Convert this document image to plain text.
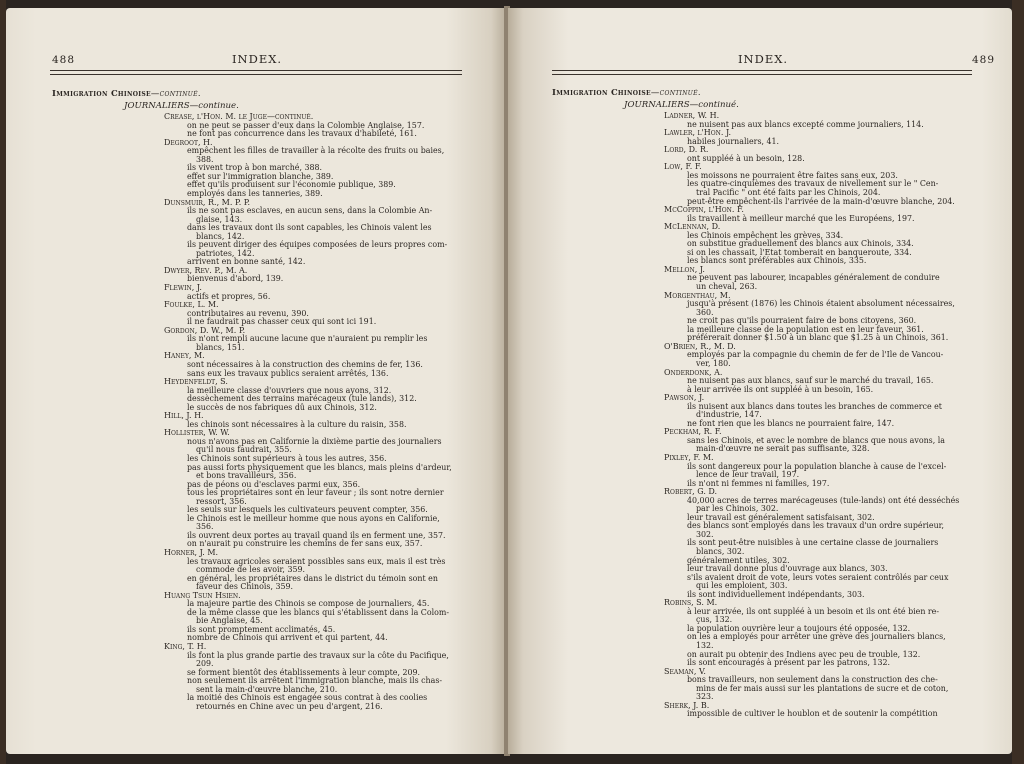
488	INDEX.
Immigration Chinoise—continué.
JOURNALIERS—continue.
Crease, l'Hon. M. le Juge—continué.
on ne peut se passer d'eux dans la Colombie Anglaise, 157.
ne font pas concurrence dans les travaux d'habileté, 161.
Degroot, H.
empêchent les filles de travailler à la récolte des fruits ou baies,
388.
ils vivent trop à bon marché, 388.
effet sur l'immigration blanche, 389.
effet qu'ils produisent sur l'économie publique, 389.
employés dans les tanneries, 389.
Dunsmuir, R., M. P. P.
ils ne sont pas esclaves, en aucun sens, dans la Colombie An-
glaise, 143.
dans les travaux dont ils sont capables, les Chinois valent les
blancs, 142.
ils peuvent diriger des équipes composées de leurs propres com-
patriotes, 142.
arrivent en bonne santé, 142.
Dwyer, Rev. P., M. A.
bienvenus d'abord, 139.
Flewin, J.
actifs et propres, 56.
Foulke, L. M.
contributaires au revenu, 390.
il ne faudrait pas chasser ceux qui sont ici 191.
Gordon, D. W., M. P.
ils n'ont rempli aucune lacune que n'auraient pu remplir les
blancs, 151.
Haney, M.
sont nécessaires à la construction des chemins de fer, 136.
sans eux les travaux publics seraient arrêtés, 136.
Heydenfeldt, S.
la meilleure classe d'ouvriers que nous ayons, 312.
dessèchement des terrains marécageux (tule lands), 312.
le succès de nos fabriques dû aux Chinois, 312.
Hill, J. H.
les chinois sont nécessaires à la culture du raisin, 358.
Hollister, W. W.
nous n'avons pas en Californie la dixième partie des journaliers
qu'il nous faudrait, 355.
les Chinois sont supérieurs à tous les autres, 356.
pas aussi forts physiquement que les blancs, mais pleins d'ardeur,
et bons travailleurs, 356.
pas de péons ou d'esclaves parmi eux, 356.
tous les propriétaires sont en leur faveur ; ils sont notre dernier
ressort, 356.
les seuls sur lesquels les cultivateurs peuvent compter, 356.
le Chinois est le meilleur homme que nous ayons en Californie,
356.
ils ouvrent deux portes au travail quand ils en ferment une, 357.
on n'aurait pu construire les chemins de fer sans eux, 357.
Horner, J. M.
les travaux agricoles seraient possibles sans eux, mais il est très
commode de les avoir, 359.
en général, les propriétaires dans le district du témoin sont en
faveur des Chinois, 359.
Huang Tsun Hsien.
la majeure partie des Chinois se compose de journaliers, 45.
de la même classe que les blancs qui s'établissent dans la Colom-
bie Anglaise, 45.
ils sont promptement acclimatés, 45.
nombre de Chinois qui arrivent et qui partent, 44.
King, T. H.
ils font la plus grande partie des travaux sur la côte du Pacifique,
209.
se forment bientôt des établissements à leur compte, 209.
non seulement ils arrêtent l'immigration blanche, mais ils chas-
sent la main-d'œuvre blanche, 210.
la moitié des Chinois est engagée sous contrat à des coolies
retournés en Chine avec un peu d'argent, 216.
INDEX.	489
Immigration Chinoise—continué.
JOURNALIERS—continué.
Ladner, W. H.
ne nuisent pas aux blancs excepté comme journaliers, 114.
Lawler, l'Hon. J.
habiles journaliers, 41.
Lord, D. R.
ont suppléé à un besoin, 128.
Low, F. F.
les moissons ne pourraient être faites sans eux, 203.
les quatre-cinquièmes des travaux de nivellement sur le " Cen-
tral Pacific " ont été faits par les Chinois, 204.
peut-être empêchent-ils l'arrivée de la main-d'œuvre blanche, 204.
McCoppin, l'Hon. F.
ils travaillent à meilleur marché que les Européens, 197.
McLennan, D.
les Chinois empêchent les grèves, 334.
on substitue graduellement des blancs aux Chinois, 334.
si on les chassait, l'Etat tomberait en banqueroute, 334.
les blancs sont préférables aux Chinois, 335.
Mellon, J.
ne peuvent pas labourer, incapables généralement de conduire
un cheval, 263.
Morgenthau, M.
jusqu'à présent (1876) les Chinois étaient absolument nécessaires,
360.
ne croit pas qu'ils pourraient faire de bons citoyens, 360.
la meilleure classe de la population est en leur faveur, 361.
préférerait donner $1.50 à un blanc que $1.25 à un Chinois, 361.
O'Brien, R., M. D.
employés par la compagnie du chemin de fer de l'Ile de Vancou-
ver, 180.
Onderdonk, A.
ne nuisent pas aux blancs, sauf sur le marché du travail, 165.
à leur arrivée ils ont suppléé à un besoin, 165.
Pawson, J.
ils nuisent aux blancs dans toutes les branches de commerce et
d'industrie, 147.
ne font rien que les blancs ne pourraient faire, 147.
Peckham, R. F.
sans les Chinois, et avec le nombre de blancs que nous avons, la
main-d'œuvre ne serait pas suffisante, 328.
Pixley, F. M.
ils sont dangereux pour la population blanche à cause de l'excel-
lence de leur travail, 197.
ils n'ont ni femmes ni familles, 197.
Robert, G. D.
40,000 acres de terres marécageuses (tule-lands) ont été desséchés
par les Chinois, 302.
leur travail est généralement satisfaisant, 302.
des blancs sont employés dans les travaux d'un ordre supérieur,
302.
ils sont peut-être nuisibles à une certaine classe de journaliers
blancs, 302.
généralement utiles, 302.
leur travail donne plus d'ouvrage aux blancs, 303.
s'ils avaient droit de vote, leurs votes seraient contrôlés par ceux
qui les emploient, 303.
ils sont individuellement indépendants, 303.
Robins, S. M.
à leur arrivée, ils ont suppléé à un besoin et ils ont été bien re-
çus, 132.
la population ouvrière leur a toujours été opposée, 132.
on les a employés pour arrêter une grève des journaliers blancs,
132.
on aurait pu obtenir des Indiens avec peu de trouble, 132.
ils sont encouragés à présent par les patrons, 132.
Seaman, V.
bons travailleurs, non seulement dans la construction des che-
mins de fer mais aussi sur les plantations de sucre et de coton,
323.
Sherk, J. B.
impossible de cultiver le houblon et de soutenir la compétition
